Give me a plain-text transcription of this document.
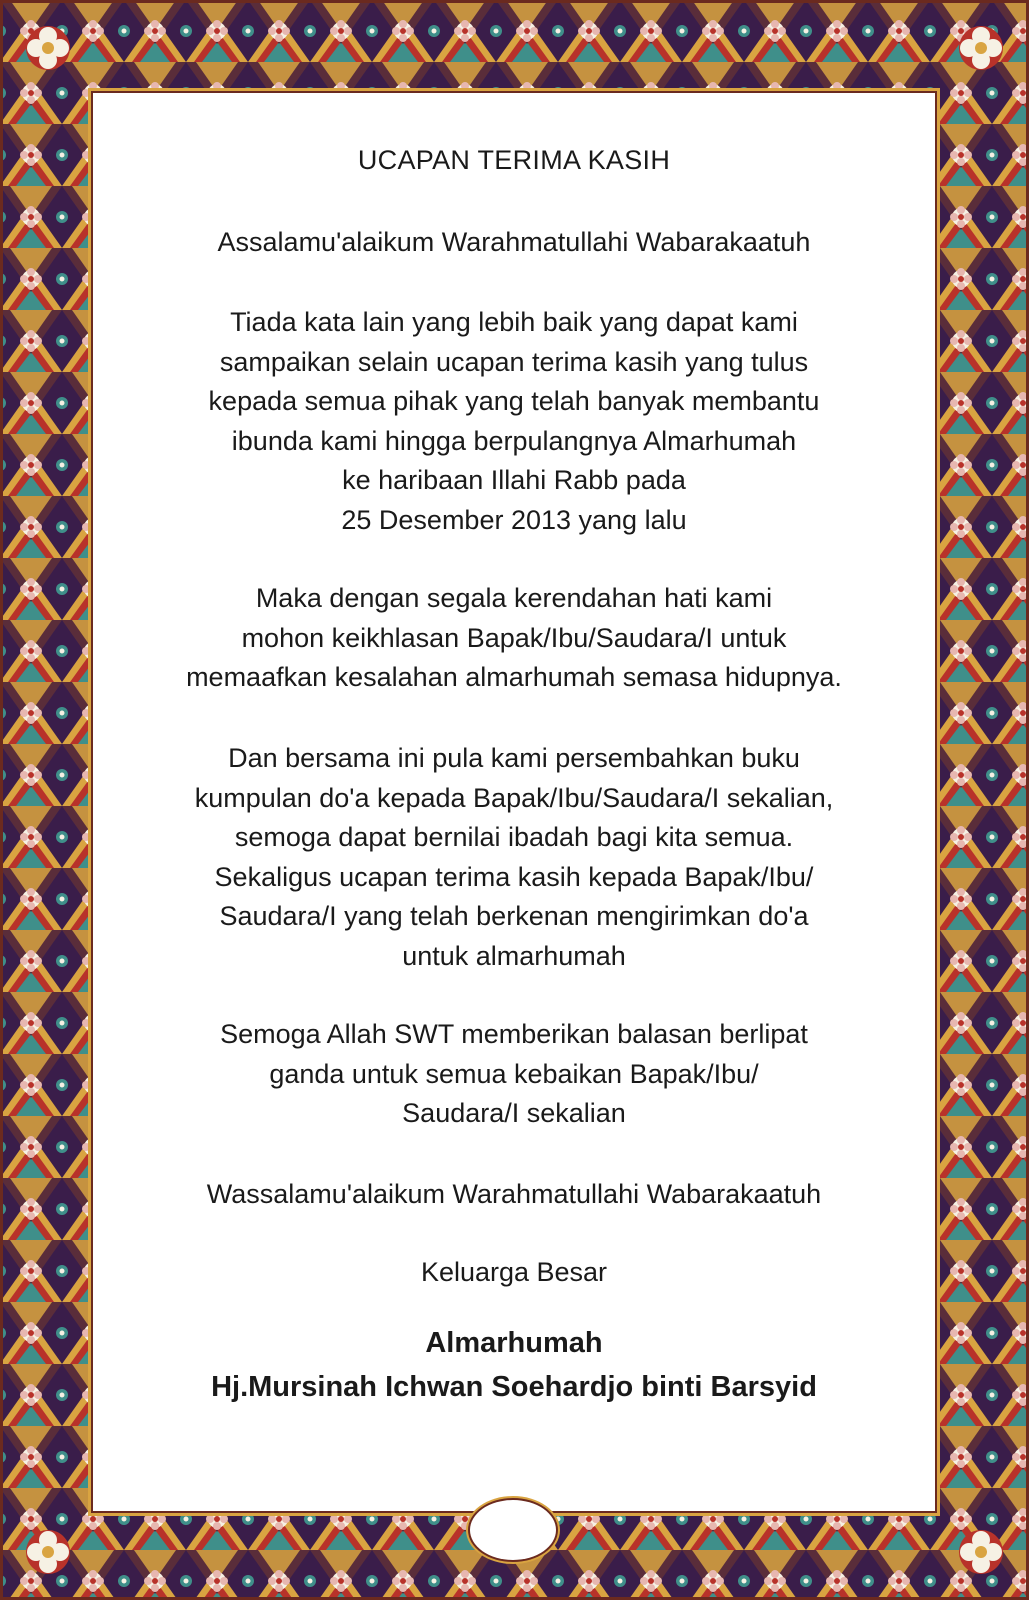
UCAPAN TERIMA KASIH
Assalamu'alaikum Warahmatullahi Wabarakaatuh
Tiada kata lain yang lebih baik yang dapat kami
sampaikan selain ucapan terima kasih yang tulus
kepada semua pihak yang telah banyak membantu
ibunda kami hingga berpulangnya Almarhumah
ke haribaan Illahi Rabb pada
25 Desember 2013 yang lalu
Maka dengan segala kerendahan hati kami
mohon keikhlasan Bapak/Ibu/Saudara/I untuk
memaafkan kesalahan almarhumah semasa hidupnya.
Dan bersama ini pula kami persembahkan buku
kumpulan do'a kepada Bapak/Ibu/Saudara/I sekalian,
semoga dapat bernilai ibadah bagi kita semua.
Sekaligus ucapan terima kasih kepada Bapak/Ibu/
Saudara/I yang telah berkenan mengirimkan do'a
untuk almarhumah
Semoga Allah SWT memberikan balasan berlipat
ganda untuk semua kebaikan Bapak/Ibu/
Saudara/I sekalian
Wassalamu'alaikum Warahmatullahi Wabarakaatuh
Keluarga Besar
Almarhumah
Hj.Mursinah Ichwan Soehardjo binti Barsyid
